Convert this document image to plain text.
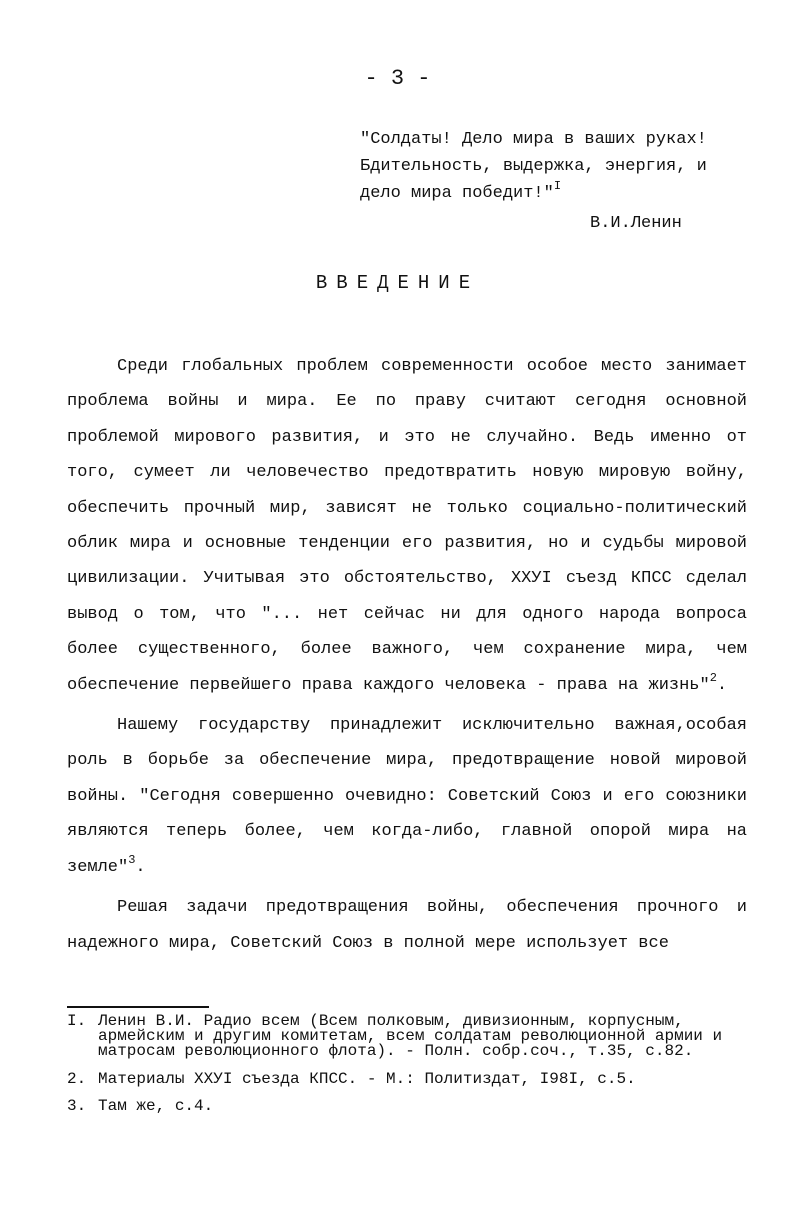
- 3 -
"Солдаты! Дело мира в ваших руках!
Бдительность, выдержка, энергия, и
дело мира победит!"$^I$
В.И.Ленин
ВВЕДЕНИЕ

Среди глобальных проблем современности особое место занимает проблема войны и мира. Ее по праву считают сегодня основной проблемой мирового развития, и это не случайно. Ведь именно от того, сумеет ли человечество предотвратить новую мировую войну, обеспечить прочный мир, зависят не только социально-политический облик мира и основные тенденции его развития, но и судьбы мировой цивилизации. Учитывая это обстоятельство, ХХУI съезд КПСС сделал вывод о том, что "... нет сейчас ни для одного народа вопроса более существенного, более важного, чем сохранение мира, чем обеспечение первейшего права каждого человека - права на жизнь"$^2$.

Нашему государству принадлежит исключительно важная,особая роль в борьбе за обеспечение мира, предотвращение новой мировой войны. "Сегодня совершенно очевидно: Советский Союз и его союзники являются теперь более, чем когда-либо, главной опорой мира на земле"$^3$.

Решая задачи предотвращения войны, обеспечения прочного и надежного мира, Советский Союз в полной мере использует все

I. Ленин В.И. Радио всем (Всем полковым, дивизионным, корпусным, армейским и другим комитетам, всем солдатам революционной армии и матросам революционного флота). - Полн. собр.соч., т.35, с.82.
2. Материалы ХХУI съезда КПСС. - М.: Политиздат, I98I, с.5.
3. Там же, с.4.
